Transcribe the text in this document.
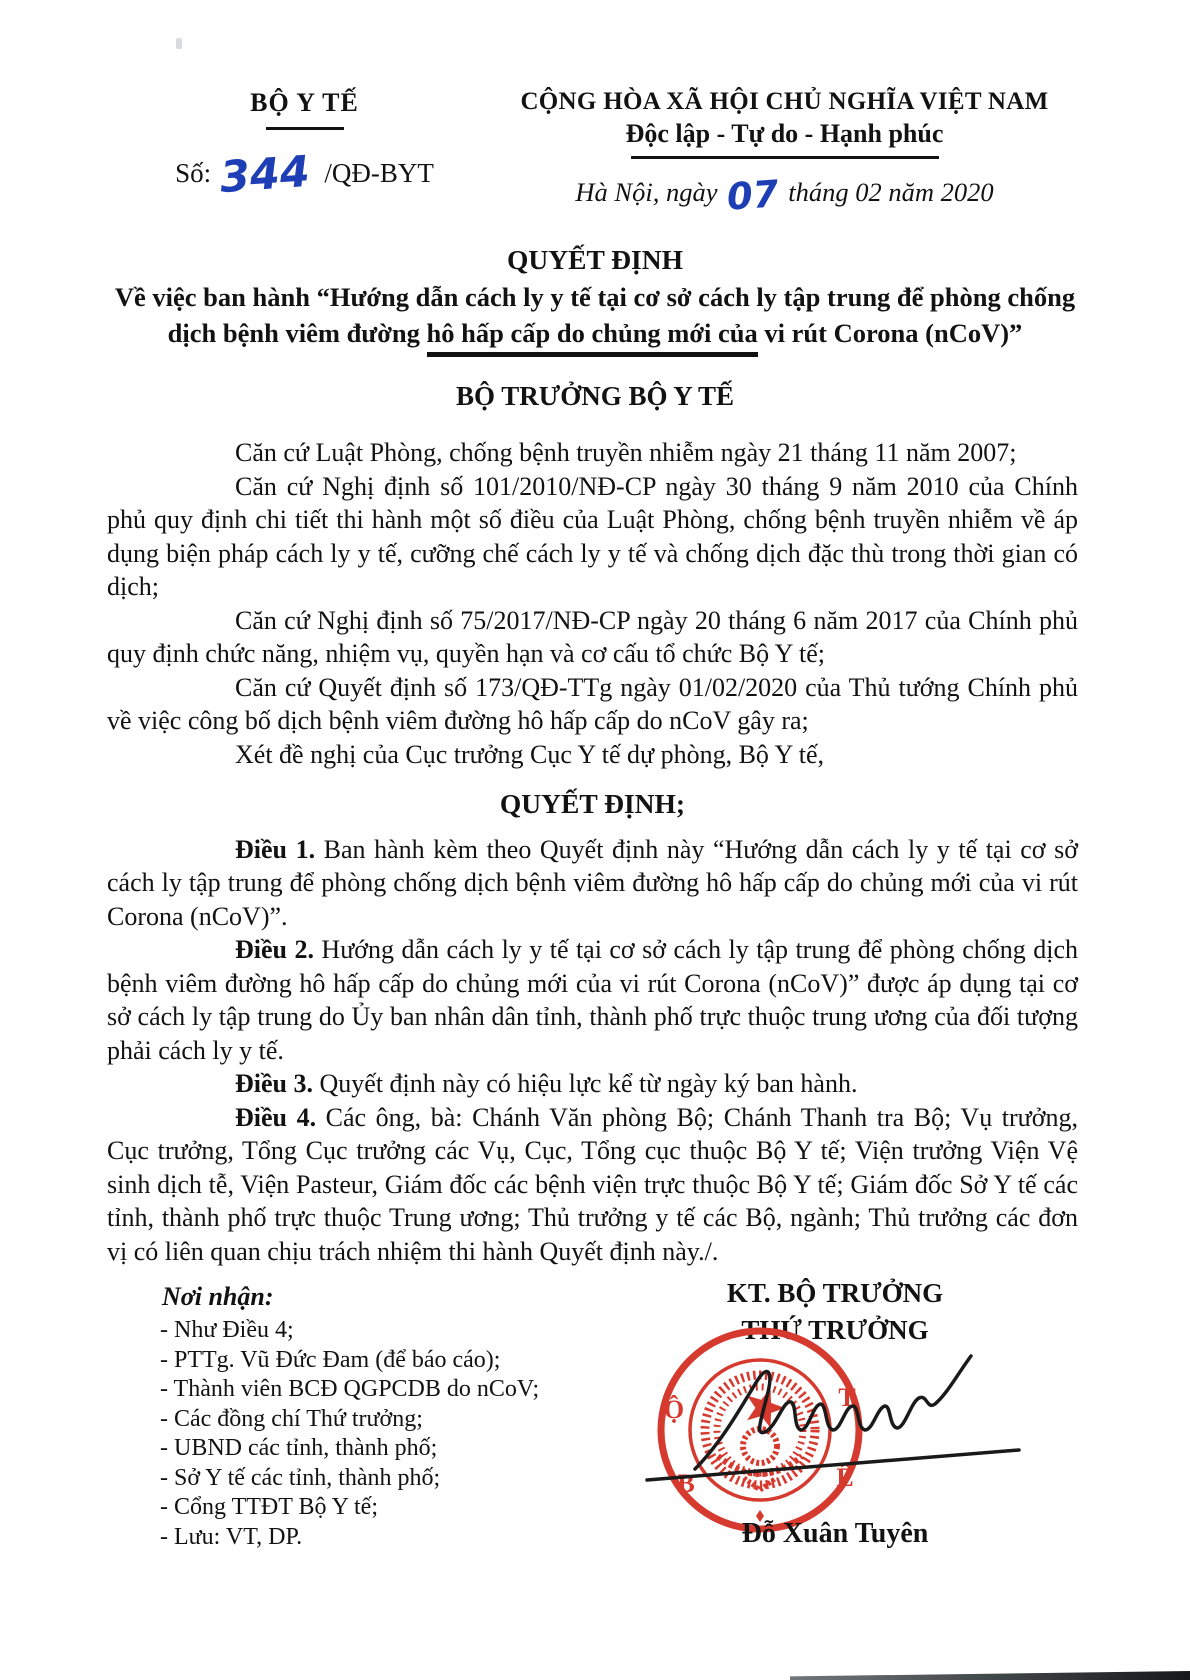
BỘ Y TẾ
Số: 344 /QĐ-BYT
CỘNG HÒA XÃ HỘI CHỦ NGHĨA VIỆT NAM
Độc lập - Tự do - Hạnh phúc
Hà Nội, ngày 07 tháng 02 năm 2020
QUYẾT ĐỊNH
Về việc ban hành “Hướng dẫn cách ly y tế tại cơ sở cách ly tập trung để phòng chống
dịch bệnh viêm đường hô hấp cấp do chủng mới của vi rút Corona (nCoV)”
BỘ TRƯỞNG BỘ Y TẾ

Căn cứ Luật Phòng, chống bệnh truyền nhiễm ngày 21 tháng 11 năm 2007;

Căn cứ Nghị định số 101/2010/NĐ-CP ngày 30 tháng 9 năm 2010 của Chính phủ quy định chi tiết thi hành một số điều của Luật Phòng, chống bệnh truyền nhiễm về áp dụng biện pháp cách ly y tế, cưỡng chế cách ly y tế và chống dịch đặc thù trong thời gian có dịch;

Căn cứ Nghị định số 75/2017/NĐ-CP ngày 20 tháng 6 năm 2017 của Chính phủ quy định chức năng, nhiệm vụ, quyền hạn và cơ cấu tổ chức Bộ Y tế;

Căn cứ Quyết định số 173/QĐ-TTg ngày 01/02/2020 của Thủ tướng Chính phủ về việc công bố dịch bệnh viêm đường hô hấp cấp do nCoV gây ra;

Xét đề nghị của Cục trưởng Cục Y tế dự phòng, Bộ Y tế,

QUYẾT ĐỊNH;

Điều 1. Ban hành kèm theo Quyết định này “Hướng dẫn cách ly y tế tại cơ sở cách ly tập trung để phòng chống dịch bệnh viêm đường hô hấp cấp do chủng mới của vi rút Corona (nCoV)”.

Điều 2. Hướng dẫn cách ly y tế tại cơ sở cách ly tập trung để phòng chống dịch bệnh viêm đường hô hấp cấp do chủng mới của vi rút Corona (nCoV)” được áp dụng tại cơ sở cách ly tập trung do Ủy ban nhân dân tỉnh, thành phố trực thuộc trung ương của đối tượng phải cách ly y tế.

Điều 3. Quyết định này có hiệu lực kể từ ngày ký ban hành.

Điều 4. Các ông, bà: Chánh Văn phòng Bộ; Chánh Thanh tra Bộ; Vụ trưởng, Cục trưởng, Tổng Cục trưởng các Vụ, Cục, Tổng cục thuộc Bộ Y tế; Viện trưởng Viện Vệ sinh dịch tễ, Viện Pasteur, Giám đốc các bệnh viện trực thuộc Bộ Y tế; Giám đốc Sở Y tế các tỉnh, thành phố trực thuộc Trung ương; Thủ trưởng y tế các Bộ, ngành; Thủ trưởng các đơn vị có liên quan chịu trách nhiệm thi hành Quyết định này./.

Nơi nhận:
- Như Điều 4;
- PTTg. Vũ Đức Đam (để báo cáo);
- Thành viên BCĐ QGPCDB do nCoV;
- Các đồng chí Thứ trưởng;
- UBND các tỉnh, thành phố;
- Sở Y tế các tỉnh, thành phố;
- Cổng TTĐT Bộ Y tế;
- Lưu: VT, DP.
KT. BỘ TRƯỞNG
THỨ TRƯỞNG
B
Ộ	T
Ế
Đỗ Xuân Tuyên
